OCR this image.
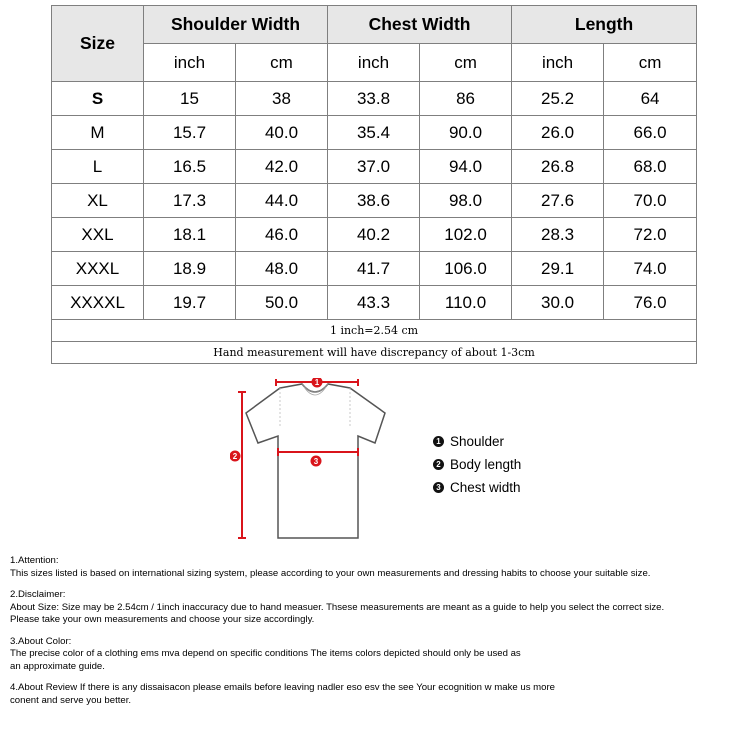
Size	Shoulder Width		Chest Width		Length	
	inch	cm	inch	cm	inch	cm
S	15	38	33.8	86	25.2	64
M	15.7	40.0	35.4	90.0	26.0	66.0
L	16.5	42.0	37.0	94.0	26.8	68.0
XL	17.3	44.0	38.6	98.0	27.6	70.0
XXL	18.1	46.0	40.2	102.0	28.3	72.0
XXXL	18.9	48.0	41.7	106.0	29.1	74.0
XXXXL	19.7	50.0	43.3	110.0	30.0	76.0
1 inch=2.54 cm						
Hand measurement will have discrepancy of about 1-3cm						
1
2
3
1 Shoulder
2 Body length
3 Chest width

1.Attention:

This sizes listed is based on international sizing system, please according to your own measurements and dressing habits to choose your suitable size.

2.Disclaimer:

About Size: Size may be 2.54cm / 1inch inaccuracy due to hand measuer. Thsese measurements are meant as a guide to help you select the correct size.

Please take your own measurements and choose your size accordingly.

3.About Color:

The precise color of a clothing ems mva depend on specific conditions The items colors depicted should only be used as

an approximate guide.

4.About Review If there is any dissaisacon please emails before leaving nadler eso esv the see Your ecognition w make us more

conent and serve you better.
